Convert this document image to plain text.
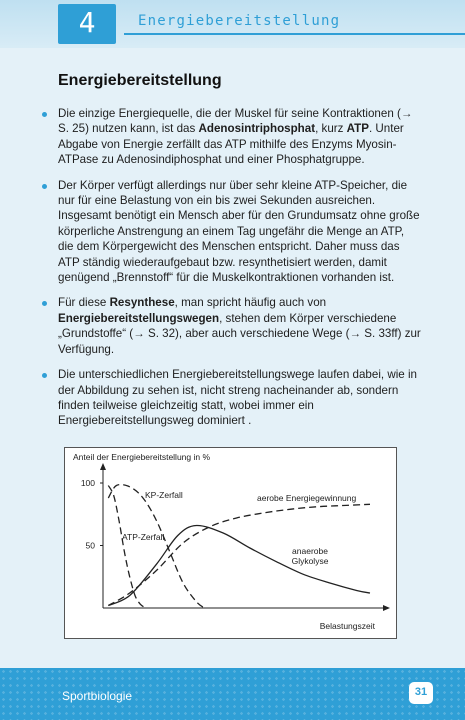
4	Energiebereitstellung
Energiebereitstellung
Die einzige Energiequelle, die der Muskel für seine Kontraktionen (→ S. 25) nutzen kann, ist das Adenosintriphosphat, kurz ATP. Unter Abgabe von Energie zerfällt das ATP mithilfe des Enzyms Myosin-ATPase zu Adenosindiphosphat und einer Phosphatgruppe.
Der Körper verfügt allerdings nur über sehr kleine ATP-Speicher, die nur für eine Belastung von ein bis zwei Sekunden ausreichen. Insgesamt benötigt ein Mensch aber für den Grundumsatz ohne große körperliche Anstrengung an einem Tag ungefähr die Menge an ATP, die dem Körpergewicht des Menschen entspricht. Daher muss das ATP ständig wiederaufgebaut bzw. resynthetisiert werden, damit genügend „Brennstoff“ für die Muskelkontraktionen vorhanden ist.
Für diese Resynthese, man spricht häufig auch von Energiebereitstellungswegen, stehen dem Körper verschiedene „Grundstoffe“ (→ S. 32), aber auch verschiedene Wege (→ S. 33ff) zur Verfügung.
Die unterschiedlichen Energiebereitstellungswege laufen dabei, wie in der Abbildung zu sehen ist, nicht streng nacheinander ab, sondern finden teilweise gleichzeitig statt, wobei immer ein Energiebereitstellungsweg dominiert .
100
50
Anteil der Energiebereitstellung in %
Belastungszeit
KP-Zerfall
ATP-Zerfall
aerobe Energiegewinnung
anaerobe Glykolyse
Sportbiologie	31
